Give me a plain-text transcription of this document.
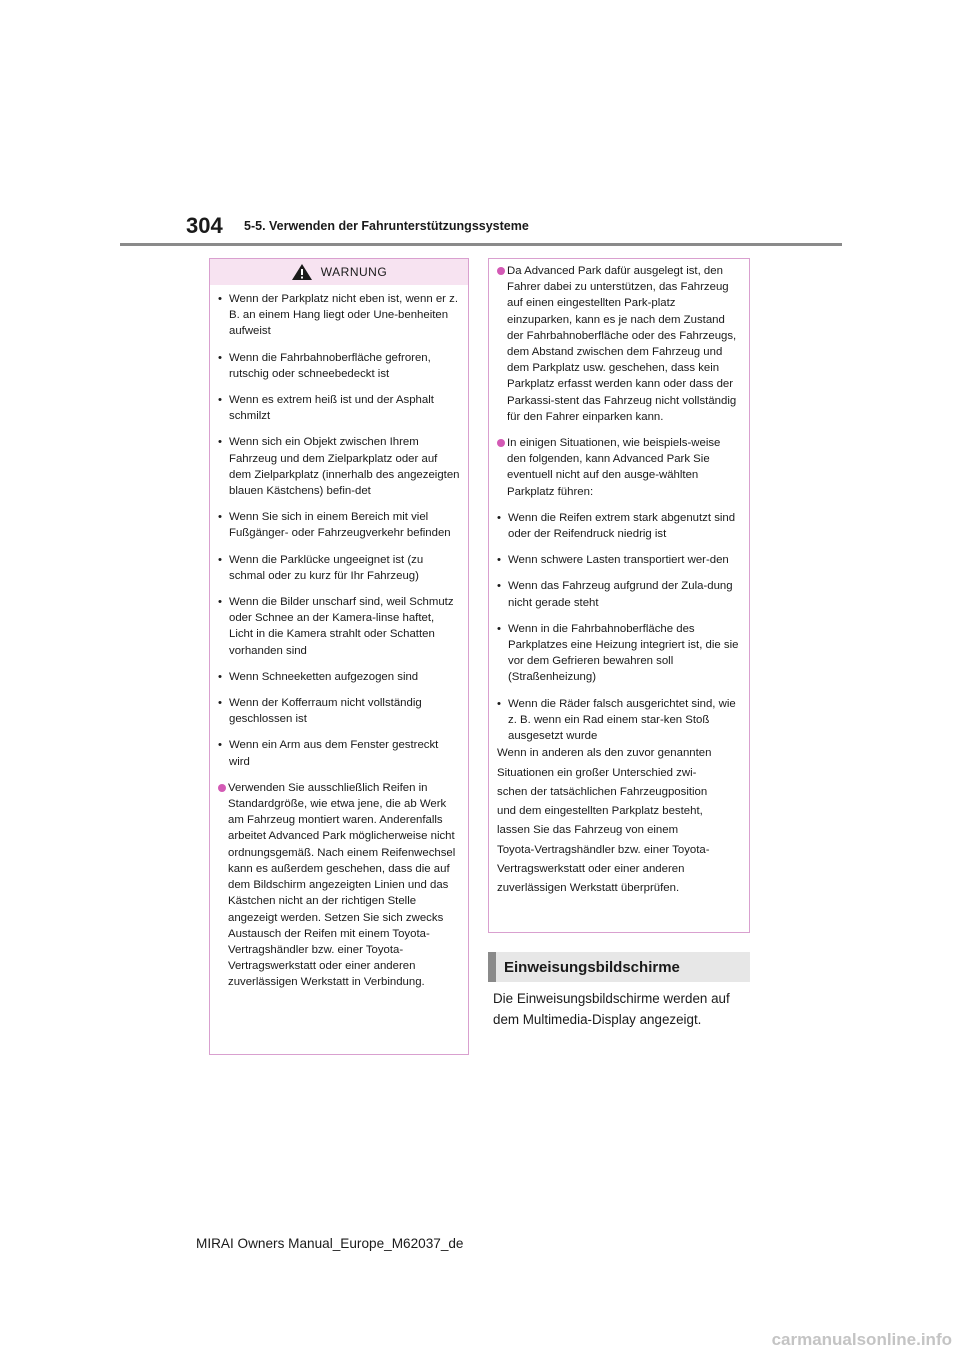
304 5-5. Verwenden der Fahrunterstützungssysteme
WARNUNG
• Wenn der Parkplatz nicht eben ist, wenn er z. B. an einem Hang liegt oder Une-benheiten aufweist
• Wenn die Fahrbahnoberfläche gefroren, rutschig oder schneebedeckt ist
• Wenn es extrem heiß ist und der Asphalt schmilzt
• Wenn sich ein Objekt zwischen Ihrem Fahrzeug und dem Zielparkplatz oder auf dem Zielparkplatz (innerhalb des angezeigten blauen Kästchens) befin-det
• Wenn Sie sich in einem Bereich mit viel Fußgänger- oder Fahrzeugverkehr befinden
• Wenn die Parklücke ungeeignet ist (zu schmal oder zu kurz für Ihr Fahrzeug)
• Wenn die Bilder unscharf sind, weil Schmutz oder Schnee an der Kamera-linse haftet, Licht in die Kamera strahlt oder Schatten vorhanden sind
• Wenn Schneeketten aufgezogen sind
• Wenn der Kofferraum nicht vollständig geschlossen ist
• Wenn ein Arm aus dem Fenster gestreckt wird
Verwenden Sie ausschließlich Reifen in Standardgröße, wie etwa jene, die ab Werk am Fahrzeug montiert waren. Anderenfalls arbeitet Advanced Park möglicherweise nicht ordnungsgemäß. Nach einem Reifenwechsel kann es außerdem geschehen, dass die auf dem Bildschirm angezeigten Linien und das Kästchen nicht an der richtigen Stelle angezeigt werden. Setzen Sie sich zwecks Austausch der Reifen mit einem Toyota-Vertragshändler bzw. einer Toyota-Vertragswerkstatt oder einer anderen zuverlässigen Werkstatt in Verbindung.
Da Advanced Park dafür ausgelegt ist, den Fahrer dabei zu unterstützen, das Fahrzeug auf einen eingestellten Park-platz einzuparken, kann es je nach dem Zustand der Fahrbahnoberfläche oder des Fahrzeugs, dem Abstand zwischen dem Fahrzeug und dem Parkplatz usw. geschehen, dass kein Parkplatz erfasst werden kann oder dass der Parkassi-stent das Fahrzeug nicht vollständig für den Fahrer einparken kann.
In einigen Situationen, wie beispiels-weise den folgenden, kann Advanced Park Sie eventuell nicht auf den ausge-wählten Parkplatz führen:
• Wenn die Reifen extrem stark abgenutzt sind oder der Reifendruck niedrig ist
• Wenn schwere Lasten transportiert wer-den
• Wenn das Fahrzeug aufgrund der Zula-dung nicht gerade steht
• Wenn in die Fahrbahnoberfläche des Parkplatzes eine Heizung integriert ist, die sie vor dem Gefrieren bewahren soll (Straßenheizung)
• Wenn die Räder falsch ausgerichtet sind, wie z. B. wenn ein Rad einem star-ken Stoß ausgesetzt wurde
Wenn in anderen als den zuvor genannten
Situationen ein großer Unterschied zwi-
schen der tatsächlichen Fahrzeugposition
und dem eingestellten Parkplatz besteht,
lassen Sie das Fahrzeug von einem
Toyota-Vertragshändler bzw. einer Toyota-
Vertragswerkstatt oder einer anderen
zuverlässigen Werkstatt überprüfen.
Einweisungsbildschirme
Die Einweisungsbildschirme werden auf dem Multimedia-Display angezeigt.
MIRAI Owners Manual_Europe_M62037_de
carmanualsonline.info
